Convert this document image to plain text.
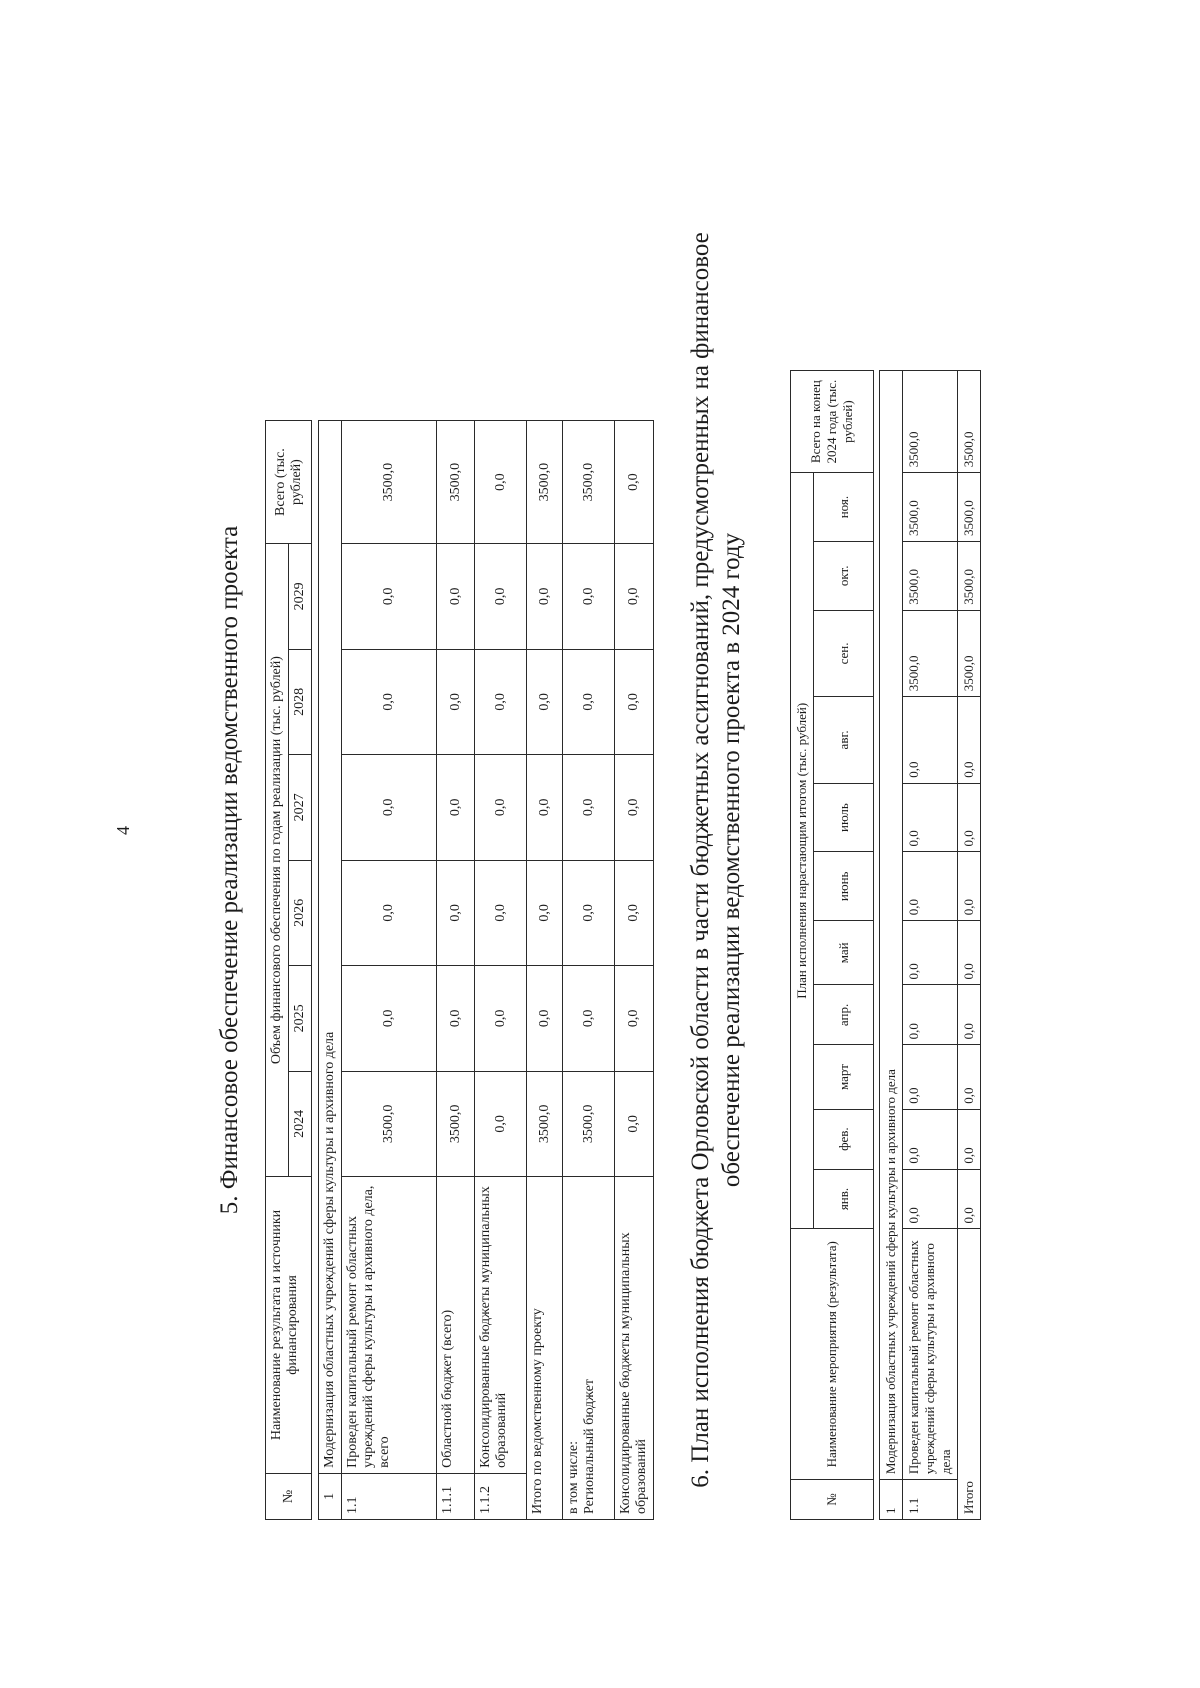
4	5. Финансовое обеспечение реализации ведомственного проекта
№	Наименование результата и источники финансирования	Объем финансового обеспечения по годам реализации (тыс. рублей)						Всего (тыс. рублей)
		2024	2025	2026	2027	2028	2029	

1	Модернизация областных учреждений сферы культуры и архивного дела							
1.1	Проведен капитальный ремонт областных учреждений сферы культуры и архивного дела, всего	3500,0	0,0	0,0	0,0	0,0	0,0	3500,0
1.1.1	Областной бюджет (всего)	3500,0	0,0	0,0	0,0	0,0	0,0	3500,0
1.1.2	Консолидированные бюджеты муниципальных образований	0,0	0,0	0,0	0,0	0,0	0,0	0,0
Итого по ведомственному проекту		3500,0	0,0	0,0	0,0	0,0	0,0	3500,0

в том числе: Региональный бюджет		3500,0	0,0	0,0	0,0	0,0	0,0	3500,0
Консолидированные бюджеты муниципальных образований		0,0	0,0	0,0	0,0	0,0	0,0	0,0 6. План исполнения бюджета Орловской области в части бюджетных ассигнований, предусмотренных на финансовое обеспечение реализации ведомственного проекта в 2024 году
№	Наименование мероприятия (результата)	План исполнения нарастающим итогом (тыс. рублей)											Всего на конец 2024 года (тыс. рублей)
		янв.	фев.	март	апр.	май	июнь	июль	авг.	сен.	окт.	ноя.	

1	Модернизация областных учреждений сферы культуры и архивного дела												
1.1	Проведен капитальный ремонт областных учреждений сферы культуры и архивного дела	0,0	0,0	0,0	0,0	0,0	0,0	0,0	0,0	3500,0	3500,0	3500,0	3500,0
Итого		0,0	0,0	0,0	0,0	0,0	0,0	0,0	0,0	3500,0	3500,0	3500,0	3500,0
